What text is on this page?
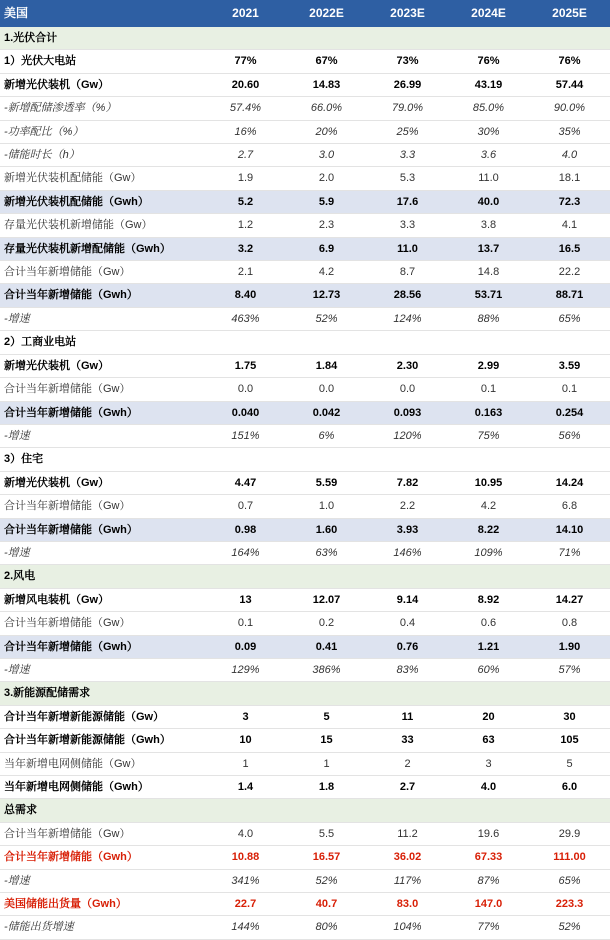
美国	2021	2022E	2023E	2024E	2025E
1.光伏合计					
1）光伏大电站	77%	67%	73%	76%	76%
新增光伏装机（Gw）	20.60	14.83	26.99	43.19	57.44
-新增配储渗透率（%）	57.4%	66.0%	79.0%	85.0%	90.0%
-功率配比（%）	16%	20%	25%	30%	35%
-储能时长（h）	2.7	3.0	3.3	3.6	4.0
新增光伏装机配储能（Gw）	1.9	2.0	5.3	11.0	18.1
新增光伏装机配储能（Gwh）	5.2	5.9	17.6	40.0	72.3
存量光伏装机新增储能（Gw）	1.2	2.3	3.3	3.8	4.1
存量光伏装机新增配储能（Gwh）	3.2	6.9	11.0	13.7	16.5
合计当年新增储能（Gw）	2.1	4.2	8.7	14.8	22.2
合计当年新增储能（Gwh）	8.40	12.73	28.56	53.71	88.71
-增速	463%	52%	124%	88%	65%
2）工商业电站					
新增光伏装机（Gw）	1.75	1.84	2.30	2.99	3.59
合计当年新增储能（Gw）	0.0	0.0	0.0	0.1	0.1
合计当年新增储能（Gwh）	0.040	0.042	0.093	0.163	0.254
-增速	151%	6%	120%	75%	56%
3）住宅					
新增光伏装机（Gw）	4.47	5.59	7.82	10.95	14.24
合计当年新增储能（Gw）	0.7	1.0	2.2	4.2	6.8
合计当年新增储能（Gwh）	0.98	1.60	3.93	8.22	14.10
-增速	164%	63%	146%	109%	71%
2.风电					
新增风电装机（Gw）	13	12.07	9.14	8.92	14.27
合计当年新增储能（Gw）	0.1	0.2	0.4	0.6	0.8
合计当年新增储能（Gwh）	0.09	0.41	0.76	1.21	1.90
-增速	129%	386%	83%	60%	57%
3.新能源配储需求					
合计当年新增新能源储能（Gw）	3	5	11	20	30
合计当年新增新能源储能（Gwh）	10	15	33	63	105
当年新增电网侧储能（Gw）	1	1	2	3	5
当年新增电网侧储能（Gwh）	1.4	1.8	2.7	4.0	6.0
总需求					
合计当年新增储能（Gw）	4.0	5.5	11.2	19.6	29.9
合计当年新增储能（Gwh）	10.88	16.57	36.02	67.33	111.00
-增速	341%	52%	117%	87%	65%
美国储能出货量（Gwh）	22.7	40.7	83.0	147.0	223.3
-储能出货增速	144%	80%	104%	77%	52%
